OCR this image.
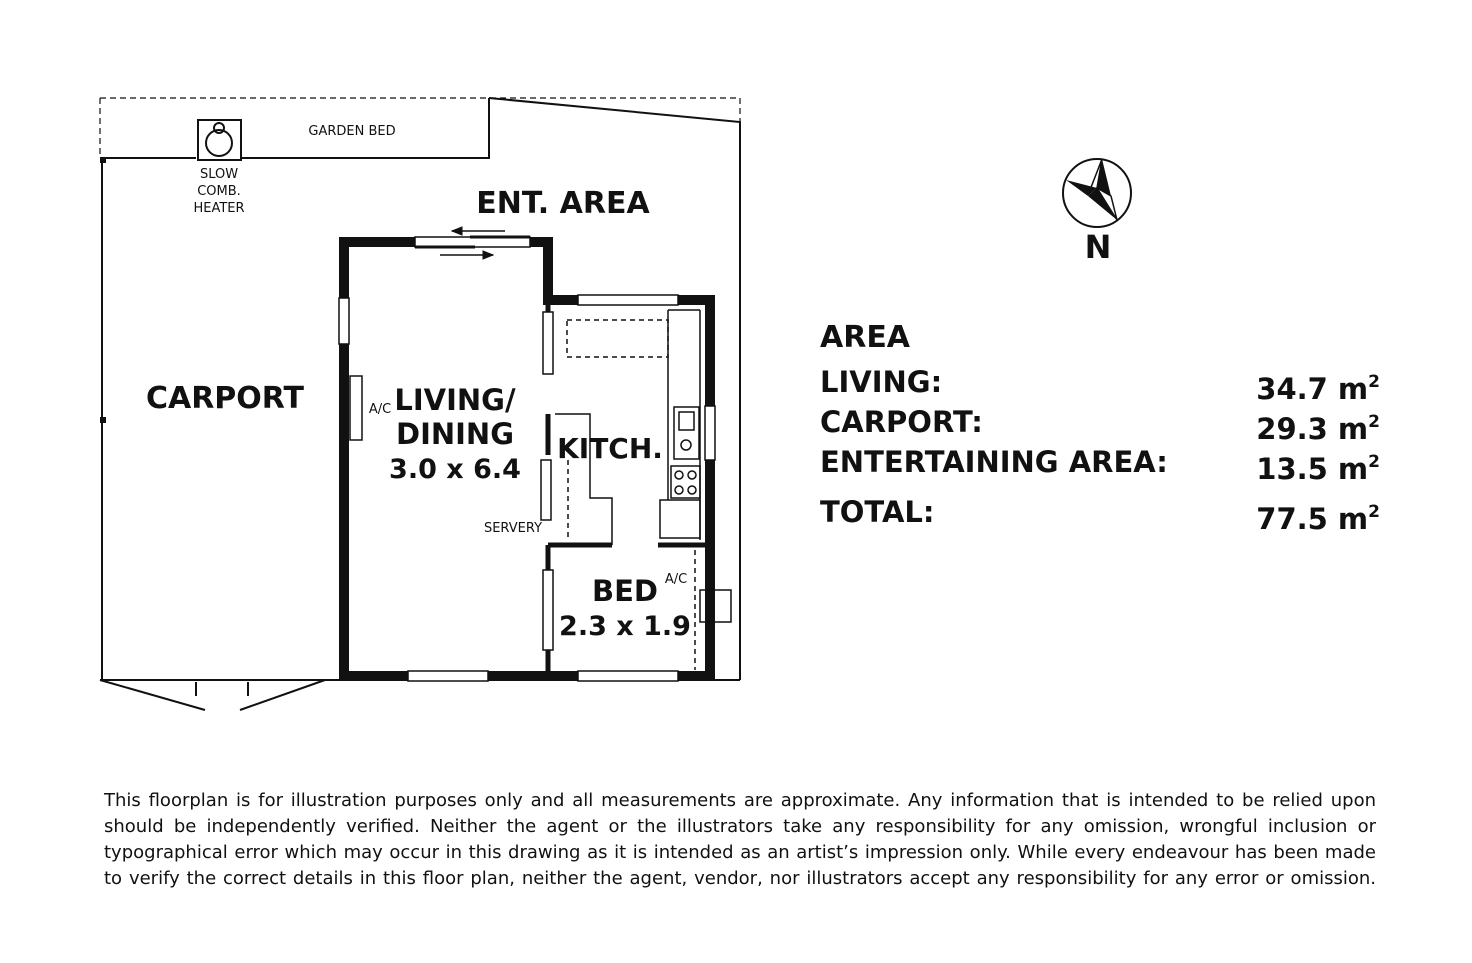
GARDEN BED
SLOW
COMB.
HEATER	ENT. AREA
CARPORT	LIVING/
DINING
3.0 x 6.4
A/C
KITCH.
SERVERY
BED
2.3 x 1.9
A/C
N
AREA
LIVING:	34.7 $m^2$
CARPORT:	29.3 $m^2$
ENTERTAINING AREA:	13.5 $m^2$
TOTAL:	77.5 $m^2$
This floorplan is for illustration purposes only and all measurements are approximate. Any information that is intended to be relied upon
should be independently verified. Neither the agent or the illustrators take any responsibility for any omission, wrongful inclusion or
typographical error which may occur in this drawing as it is intended as an artist’s impression only. While every endeavour has been made
to verify the correct details in this floor plan, neither the agent, vendor, nor illustrators accept any responsibility for any error or omission.
